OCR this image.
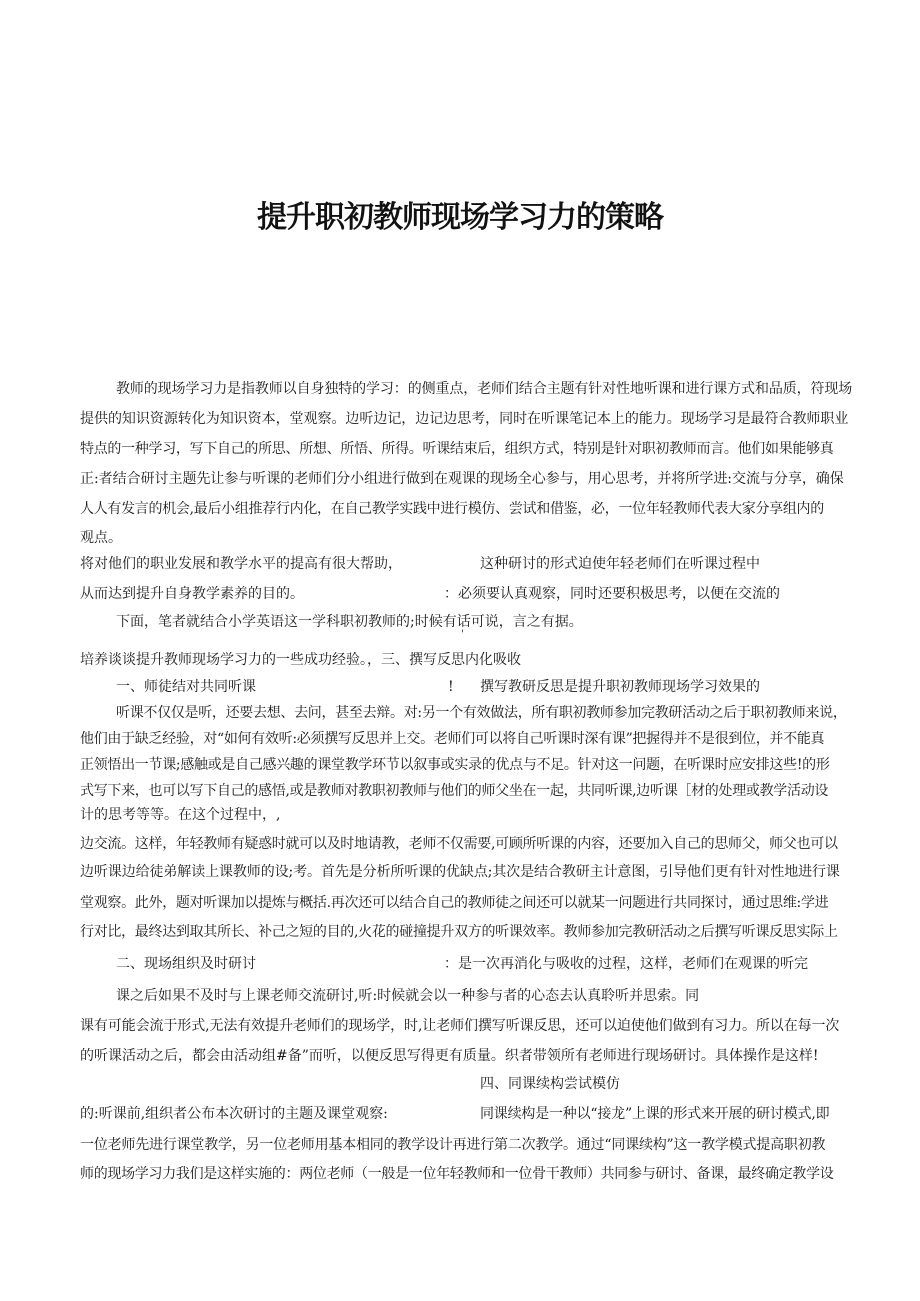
提升职初教师现场学习力的策略
教师的现场学习力是指教师以自身独特的学习：的侧重点，老师们结合主题有针对性地听课和进行课方式和品质，符现场
提供的知识资源转化为知识资本，堂观察。边听边记，边记边思考，同时在听课笔记本上的能力。现场学习是最符合教师职业
特点的一种学习，写下自己的所思、所想、所悟、所得。听课结束后，组织方式，特别是针对职初教师而言。他们如果能够真
正:者结合研讨主题先让参与听课的老师们分小组进行做到在观课的现场全心参与，用心思考，并将所学进:交流与分享，确保
人人有发言的机会,最后小组推荐行内化，在自己教学实践中进行模仿、尝试和借鉴，必，一位年轻教师代表大家分享组内的
观点。
将对他们的职业发展和教学水平的提高有很大帮助，	这种研讨的形式迫使年轻老师们在听课过程中
从而达到提升自身教学素养的目的。	：必须要认真观察，同时还要积极思考，以便在交流的
下面，笔者就结合小学英语这一学科职初教师的;时候有话可说，言之有据。
'
培养谈谈提升教师现场学习力的一些成功经验。，三、撰写反思内化吸收
一、师徒结对共同听课	! 撰写教研反思是提升职初教师现场学习效果的
听课不仅仅是听，还要去想、去问，甚至去辩。对:另一个有效做法，所有职初教师参加完教研活动之后于职初教师来说，
他们由于缺乏经验，对“如何有效听:必须撰写反思并上交。老师们可以将自己听课时深有课”把握得并不是很到位，并不能真
正领悟出一节课;感触或是自己感兴趣的课堂教学环节以叙事或实录的优点与不足。针对这一问题，在听课时应安排这些!的形
式写下来，也可以写下自己的感悟,或是教师对教职初教师与他们的师父坐在一起，共同听课,边听课［材的处理或教学活动设
计的思考等等。在这个过程中，,
边交流。这样，年轻教师有疑惑时就可以及时地请教，老师不仅需要,可顾所听课的内容，还要加入自己的思师父，师父也可以
边听课边给徒弟解读上课教师的设;考。首先是分析所听课的优缺点;其次是结合教研主计意图，引导他们更有针对性地进行课
堂观察。此外，题对听课加以提炼与概括.再次还可以结合自己的教师徒之间还可以就某一问题进行共同探讨，通过思维:学进
行对比，最终达到取其所长、补己之短的目的,火花的碰撞提升双方的听课效率。教师参加完教研活动之后撰写听课反思实际上
二、现场组织及时研讨	：是一次再消化与吸收的过程，这样，老师们在观课的听完
课之后如果不及时与上课老师交流研讨,听:时候就会以一种参与者的心态去认真聆听并思索。同
课有可能会流于形式,无法有效提升老师们的现场学，时,让老师们撰写听课反思，还可以迫使他们做到有习力。所以在每一次
的听课活动之后，都会由活动组#备”而听，以便反思写得更有质量。织者带领所有老师进行现场研讨。具体操作是这样!
四、同课续构尝试模仿
的:听课前,组织者公布本次研讨的主题及课堂观察:	同课续构是一种以“接龙”上课的形式来开展的研讨模式,即
一位老师先进行课堂教学，另一位老师用基本相同的教学设计再进行第二次教学。通过“同课续构”这一教学模式提高职初教
师的现场学习力我们是这样实施的：两位老师（一般是一位年轻教师和一位骨干教师）共同参与研讨、备课，最终确定教学设
